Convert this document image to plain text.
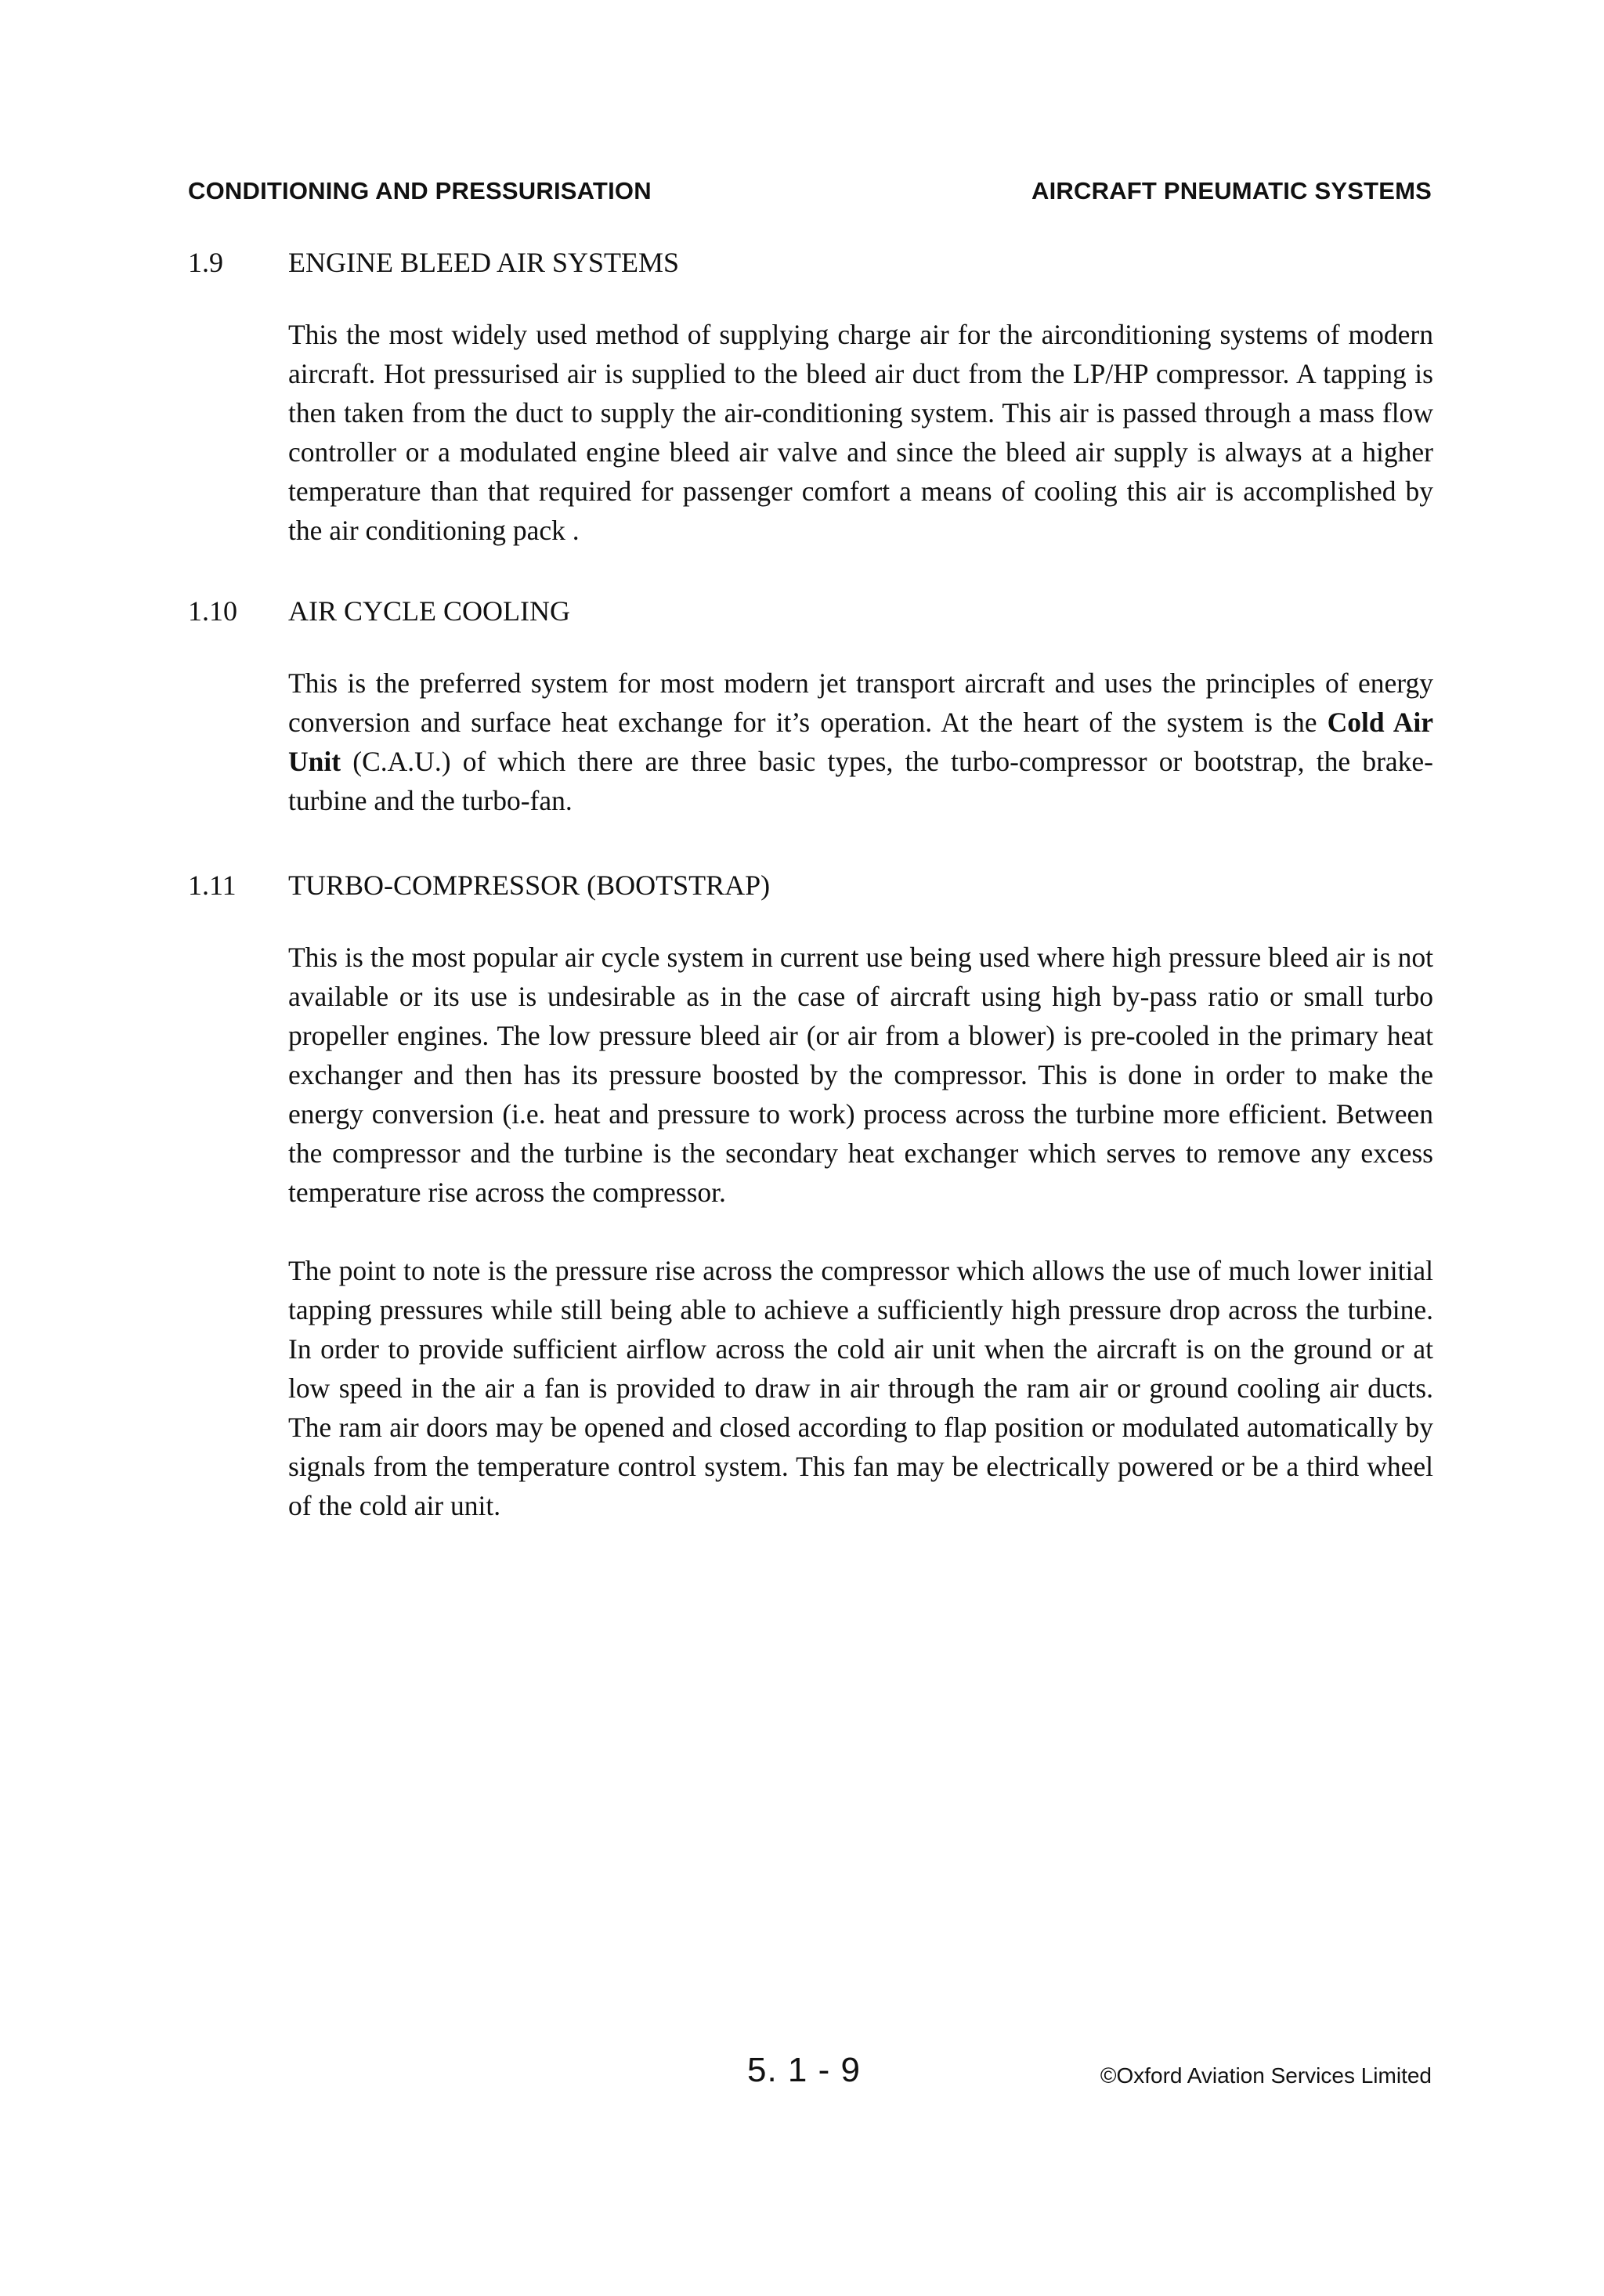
CONDITIONING AND PRESSURISATION	AIRCRAFT PNEUMATIC SYSTEMS
1.9 ENGINE BLEED AIR SYSTEMS

This the most widely used method of supplying charge air for the airconditioning systems of modern aircraft. Hot pressurised air is supplied to the bleed air duct from the LP/HP compressor. A tapping is then taken from the duct to supply the air-conditioning system. This air is passed through a mass flow controller or a modulated engine bleed air valve and since the bleed air supply is always at a higher temperature than that required for passenger comfort a means of cooling this air is accomplished by the air conditioning pack .

1.10 AIR CYCLE COOLING

This is the preferred system for most modern jet transport aircraft and uses the principles of energy conversion and surface heat exchange for it’s operation. At the heart of the system is the Cold Air Unit (C.A.U.) of which there are three basic types, the turbo-compressor or bootstrap, the brake- turbine and the turbo-fan.

1.11 TURBO-COMPRESSOR (BOOTSTRAP)

This is the most popular air cycle system in current use being used where high pressure bleed air is not available or its use is undesirable as in the case of aircraft using high by-pass ratio or small turbo propeller engines. The low pressure bleed air (or air from a blower) is pre-cooled in the primary heat exchanger and then has its pressure boosted by the compressor. This is done in order to make the energy conversion (i.e. heat and pressure to work) process across the turbine more efficient. Between the compressor and the turbine is the secondary heat exchanger which serves to remove any excess temperature rise across the compressor.

The point to note is the pressure rise across the compressor which allows the use of much lower initial tapping pressures while still being able to achieve a sufficiently high pressure drop across the turbine. In order to provide sufficient airflow across the cold air unit when the aircraft is on the ground or at low speed in the air a fan is provided to draw in air through the ram air or ground cooling air ducts. The ram air doors may be opened and closed according to flap position or modulated automatically by signals from the temperature control system. This fan may be electrically powered or be a third wheel of the cold air unit.

5. 1 - 9	©Oxford Aviation Services Limited
